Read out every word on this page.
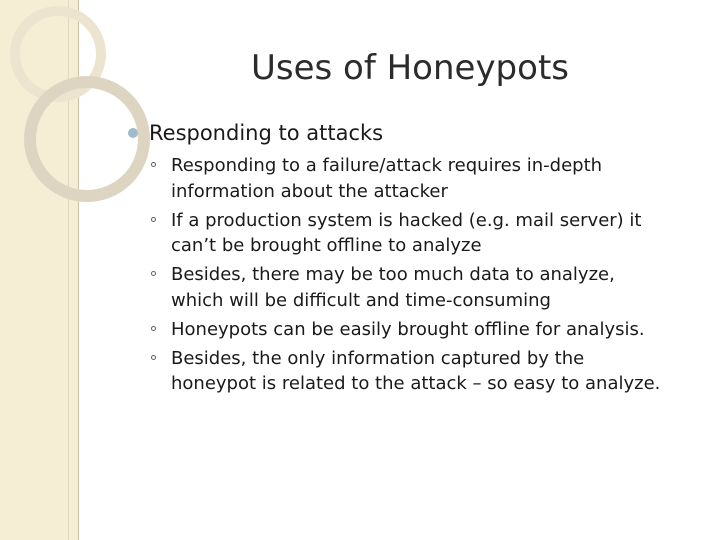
Uses of Honeypots
Responding to attacks
Responding to a failure/attack requires in-depth information about the attacker
If a production system is hacked (e.g. mail server) it can’t be brought offline to analyze
Besides, there may be too much data to analyze, which will be difficult and time-consuming
Honeypots can be easily brought offline for analysis.
Besides, the only information captured by the honeypot is related to the attack – so easy to analyze.
